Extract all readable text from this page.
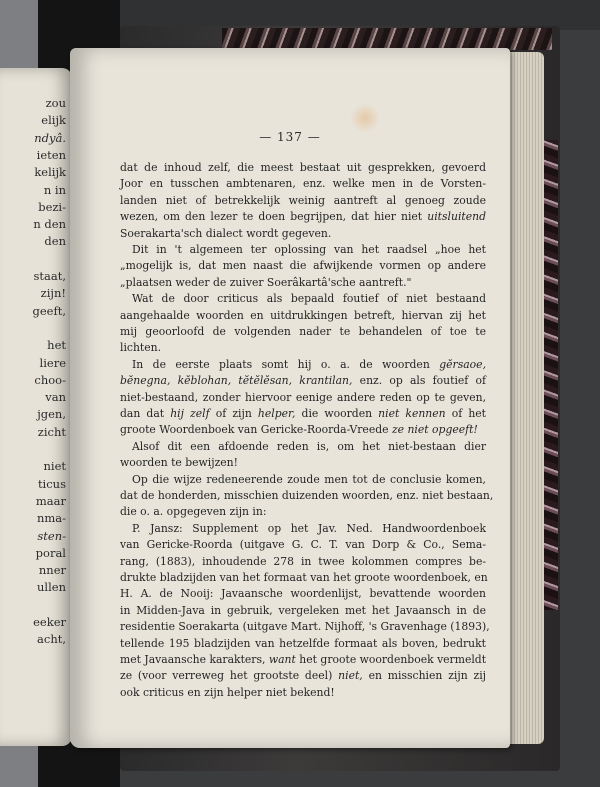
zou
elijk
ndyâ.
ieten
kelijk
n in
bezi-
n den
den
staat,
zijn!
geeft,
het
liere
choo-
van
jgen,
zicht
niet
ticus
maar
nma-
sten-
poral
nner
ullen
eeker
acht,
— 137 —
dat de inhoud zelf, die meest bestaat uit gesprekken, gevoerd
Joor en tusschen ambtenaren, enz. welke men in de Vorsten-
landen niet of betrekkelijk weinig aantreft al genoeg zoude
wezen, om den lezer te doen begrijpen, dat hier niet uitsluitend
Soerakarta'sch dialect wordt gegeven.
Dit in 't algemeen ter oplossing van het raadsel „hoe het
„mogelijk is, dat men naast die afwijkende vormen op andere
„plaatsen weder de zuiver Soerâkartâ'sche aantreft."
Wat de door criticus als bepaald foutief of niet bestaand
aangehaalde woorden en uitdrukkingen betreft, hiervan zij het
mij geoorloofd de volgenden nader te behandelen of toe te
lichten.
In de eerste plaats somt hij o. a. de woorden gĕrsaoe,
bĕnegna, kĕblohan, tĕtĕlĕsan, krantilan, enz. op als foutief of
niet-bestaand, zonder hiervoor eenige andere reden op te geven,
dan dat hij zelf of zijn helper, die woorden niet kennen of het
groote Woordenboek van Gericke-Roorda-Vreede ze niet opgeeft!
Alsof dit een afdoende reden is, om het niet-bestaan dier
woorden te bewijzen!
Op die wijze redeneerende zoude men tot de conclusie komen,
dat de honderden, misschien duizenden woorden, enz. niet bestaan,
die o. a. opgegeven zijn in:
P. Jansz: Supplement op het Jav. Ned. Handwoordenboek
van Gericke-Roorda (uitgave G. C. T. van Dorp & Co., Sema-
rang, (1883), inhoudende 278 in twee kolommen compres be-
drukte bladzijden van het formaat van het groote woordenboek, en
H. A. de Nooij: Javaansche woordenlijst, bevattende woorden
in Midden-Java in gebruik, vergeleken met het Javaansch in de
residentie Soerakarta (uitgave Mart. Nijhoff, 's Gravenhage (1893),
tellende 195 bladzijden van hetzelfde formaat als boven, bedrukt
met Javaansche karakters, want het groote woordenboek vermeldt
ze (voor verreweg het grootste deel) niet, en misschien zijn zij
ook criticus en zijn helper niet bekend!
